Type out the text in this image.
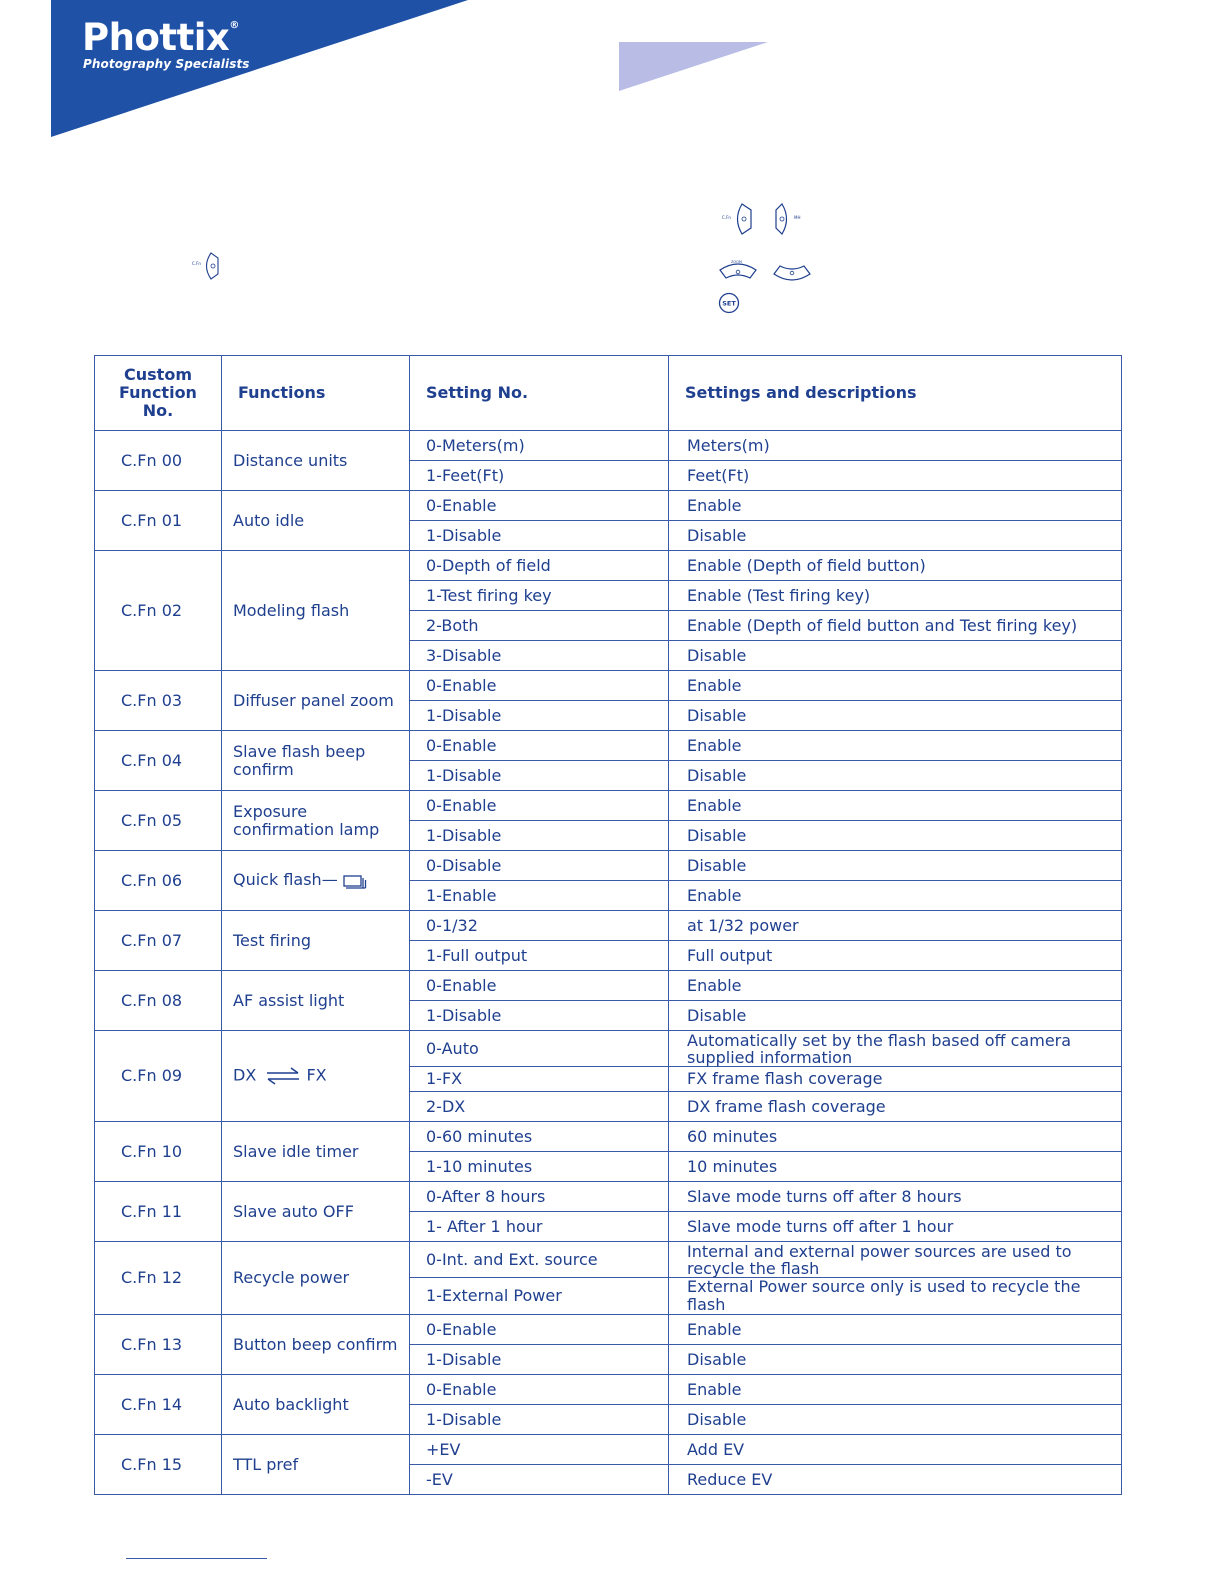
Phottix®
Photography Specialists
C.Fn
C.Fn	MH
ZOOM
SET
Custom
Function
No.	Functions	Setting No.	Settings and descriptions
C.Fn 00	Distance units	0-Meters(m)	Meters(m)
		1-Feet(Ft)	Feet(Ft)
C.Fn 01	Auto idle	0-Enable	Enable
		1-Disable	Disable
C.Fn 02	Modeling flash	0-Depth of field	Enable (Depth of field button)
		1-Test firing key	Enable (Test firing key)
		2-Both	Enable (Depth of field button and Test firing key)
		3-Disable	Disable
C.Fn 03	Diffuser panel zoom	0-Enable	Enable
		1-Disable	Disable
C.Fn 04	Slave flash beep confirm	0-Enable	Enable
		1-Disable	Disable
C.Fn 05	Exposure confirmation lamp	0-Enable	Enable
		1-Disable	Disable
C.Fn 06	Quick flash—	0-Disable	Disable
		1-Enable	Enable
C.Fn 07	Test firing	0-1/32	at 1/32 power
		1-Full output	Full output
C.Fn 08	AF assist light	0-Enable	Enable
		1-Disable	Disable
C.Fn 09	DX FX	0-Auto	Automatically set by the flash based off camera supplied information
		1-FX	FX frame flash coverage
		2-DX	DX frame flash coverage
C.Fn 10	Slave idle timer	0-60 minutes	60 minutes
		1-10 minutes	10 minutes
C.Fn 11	Slave auto OFF	0-After 8 hours	Slave mode turns off after 8 hours
		1- After 1 hour	Slave mode turns off after 1 hour
C.Fn 12	Recycle power	0-Int. and Ext. source	Internal and external power sources are used to recycle the flash
		1-External Power	External Power source only is used to recycle the flash
C.Fn 13	Button beep confirm	0-Enable	Enable
		1-Disable	Disable
C.Fn 14	Auto backlight	0-Enable	Enable
		1-Disable	Disable
C.Fn 15	TTL pref	+EV	Add EV
		-EV	Reduce EV
